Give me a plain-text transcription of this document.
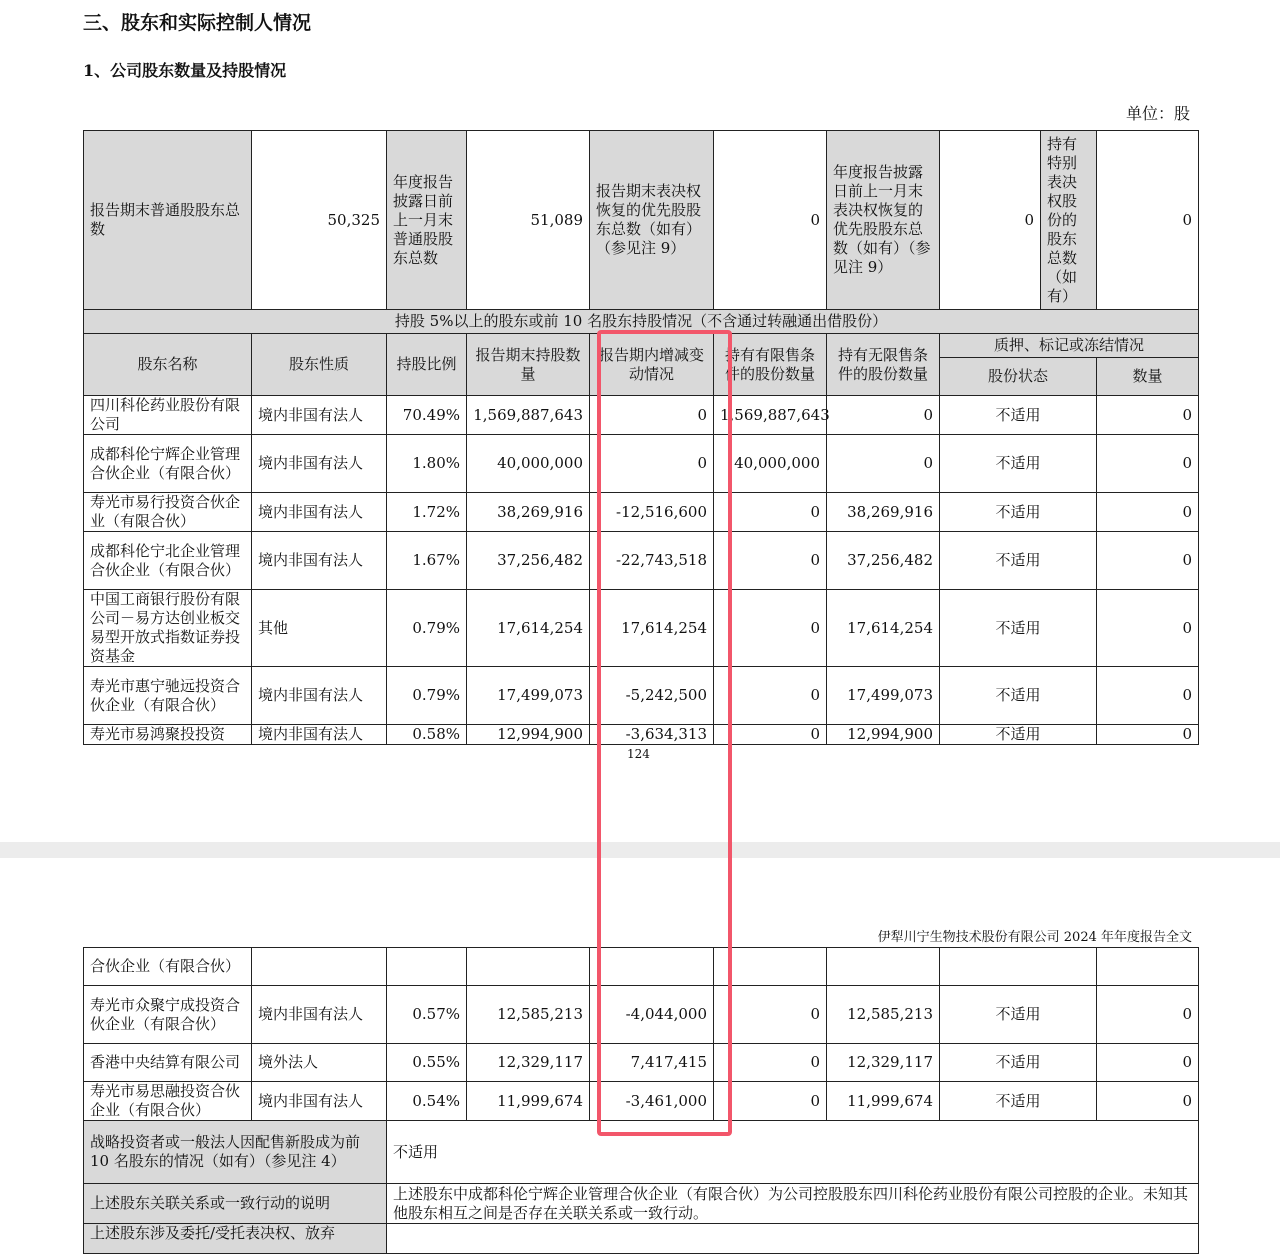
三、股东和实际控制人情况
1、公司股东数量及持股情况
单位：股
报告期末普通股股东总数	50,325	年度报告披露日前上一月末普通股股东总数	51,089	报告期末表决权恢复的优先股股东总数（如有）（参见注 9）	0	年度报告披露日前上一月末表决权恢复的优先股股东总数（如有）（参见注 9）	0	持有特别表决权股份的股东总数（如有）	0
持股 5%以上的股东或前 10 名股东持股情况（不含通过转融通出借股份）									
股东名称	股东性质	持股比例	报告期末持股数量	报告期内增减变动情况	持有有限售条件的股份数量	持有无限售条件的股份数量	质押、标记或冻结情况		
							股份状态		数量
四川科伦药业股份有限公司	境内非国有法人	70.49%	1,569,887,643	0	1,569,887,643	0	不适用		0
成都科伦宁辉企业管理合伙企业（有限合伙）	境内非国有法人	1.80%	40,000,000	0	40,000,000	0	不适用		0
寿光市易行投资合伙企业（有限合伙）	境内非国有法人	1.72%	38,269,916	-12,516,600	0	38,269,916	不适用		0
成都科伦宁北企业管理合伙企业（有限合伙）	境内非国有法人	1.67%	37,256,482	-22,743,518	0	37,256,482	不适用		0
中国工商银行股份有限公司－易方达创业板交易型开放式指数证券投资基金	其他	0.79%	17,614,254	17,614,254	0	17,614,254	不适用		0
寿光市惠宁驰远投资合伙企业（有限合伙）	境内非国有法人	0.79%	17,499,073	-5,242,500	0	17,499,073	不适用		0
寿光市易鸿聚投投资	境内非国有法人	0.58%	12,994,900	-3,634,313	0	12,994,900	不适用		0
124
伊犁川宁生物技术股份有限公司 2024 年年度报告全文
合伙企业（有限合伙）								
寿光市众聚宁成投资合伙企业（有限合伙）	境内非国有法人	0.57%	12,585,213	-4,044,000	0	12,585,213	不适用	0
香港中央结算有限公司	境外法人	0.55%	12,329,117	7,417,415	0	12,329,117	不适用	0
寿光市易思融投资合伙企业（有限合伙）	境内非国有法人	0.54%	11,999,674	-3,461,000	0	11,999,674	不适用	0
战略投资者或一般法人因配售新股成为前 10 名股东的情况（如有）（参见注 4）		不适用						
上述股东关联关系或一致行动的说明		上述股东中成都科伦宁辉企业管理合伙企业（有限合伙）为公司控股股东四川科伦药业股份有限公司控股的企业。未知其他股东相互之间是否存在关联关系或一致行动。						
上述股东涉及委托/受托表决权、放弃								
